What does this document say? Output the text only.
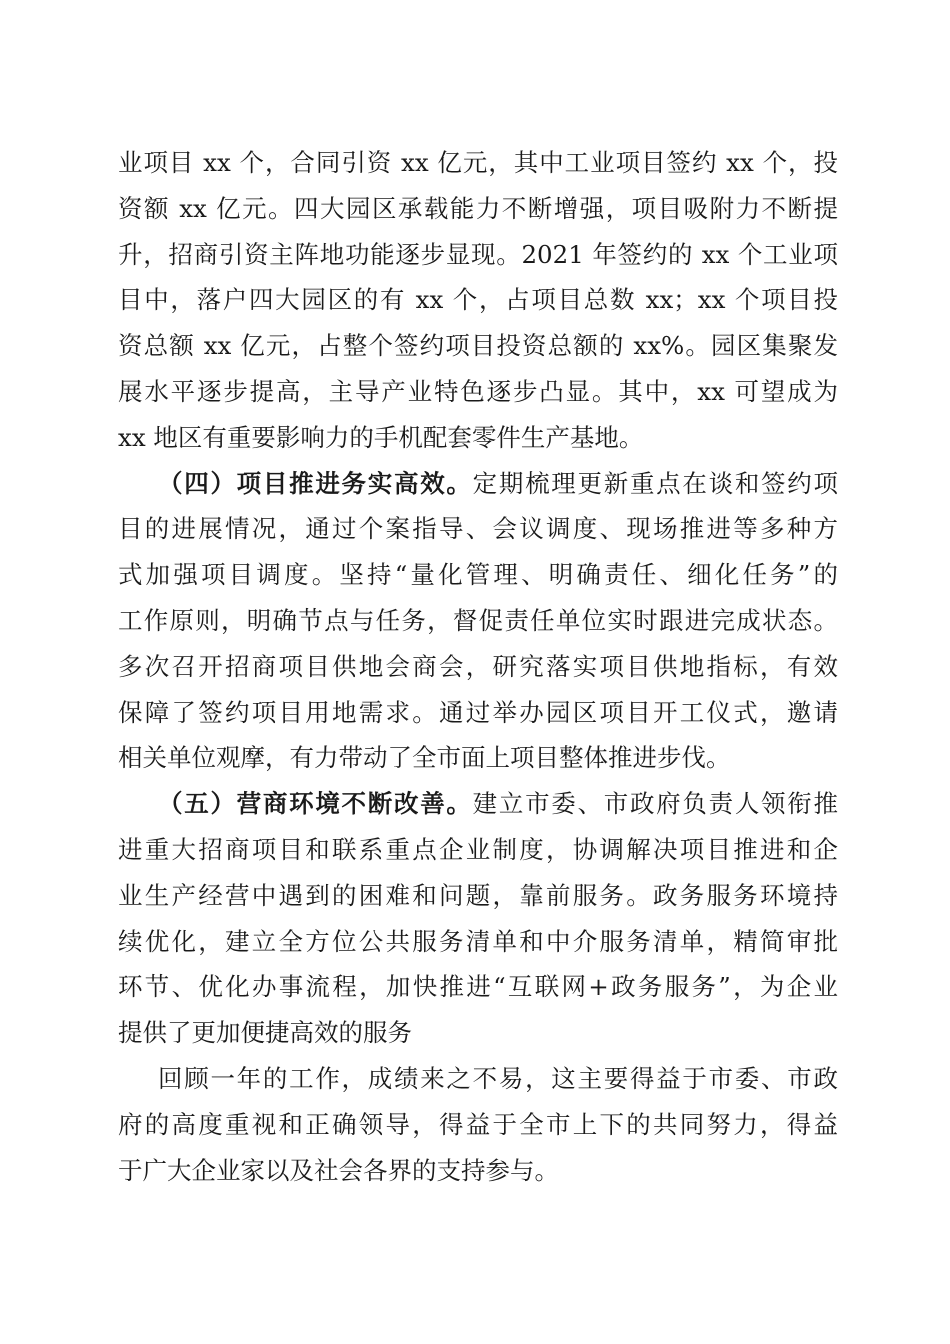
业项目 xx 个，合同引资 xx 亿元，其中工业项目签约 xx 个，投
资额 xx 亿元。四大园区承载能力不断增强，项目吸附力不断提
升，招商引资主阵地功能逐步显现。2021 年签约的 xx 个工业项
目中，落户四大园区的有 xx 个，占项目总数 xx；xx 个项目投
资总额 xx 亿元，占整个签约项目投资总额的 xx%。园区集聚发
展水平逐步提高，主导产业特色逐步凸显。其中，xx 可望成为
xx 地区有重要影响力的手机配套零件生产基地。
（四）项目推进务实高效。定期梳理更新重点在谈和签约项
目的进展情况，通过个案指导、会议调度、现场推进等多种方
式加强项目调度。坚持“量化管理、明确责任、细化任务”的
工作原则，明确节点与任务，督促责任单位实时跟进完成状态。
多次召开招商项目供地会商会，研究落实项目供地指标，有效
保障了签约项目用地需求。通过举办园区项目开工仪式，邀请
相关单位观摩，有力带动了全市面上项目整体推进步伐。
（五）营商环境不断改善。建立市委、市政府负责人领衔推
进重大招商项目和联系重点企业制度，协调解决项目推进和企
业生产经营中遇到的困难和问题，靠前服务。政务服务环境持
续优化，建立全方位公共服务清单和中介服务清单，精简审批
环节、优化办事流程，加快推进“互联网+政务服务”，为企业
提供了更加便捷高效的服务
回顾一年的工作，成绩来之不易，这主要得益于市委、市政
府的高度重视和正确领导，得益于全市上下的共同努力，得益
于广大企业家以及社会各界的支持参与。
